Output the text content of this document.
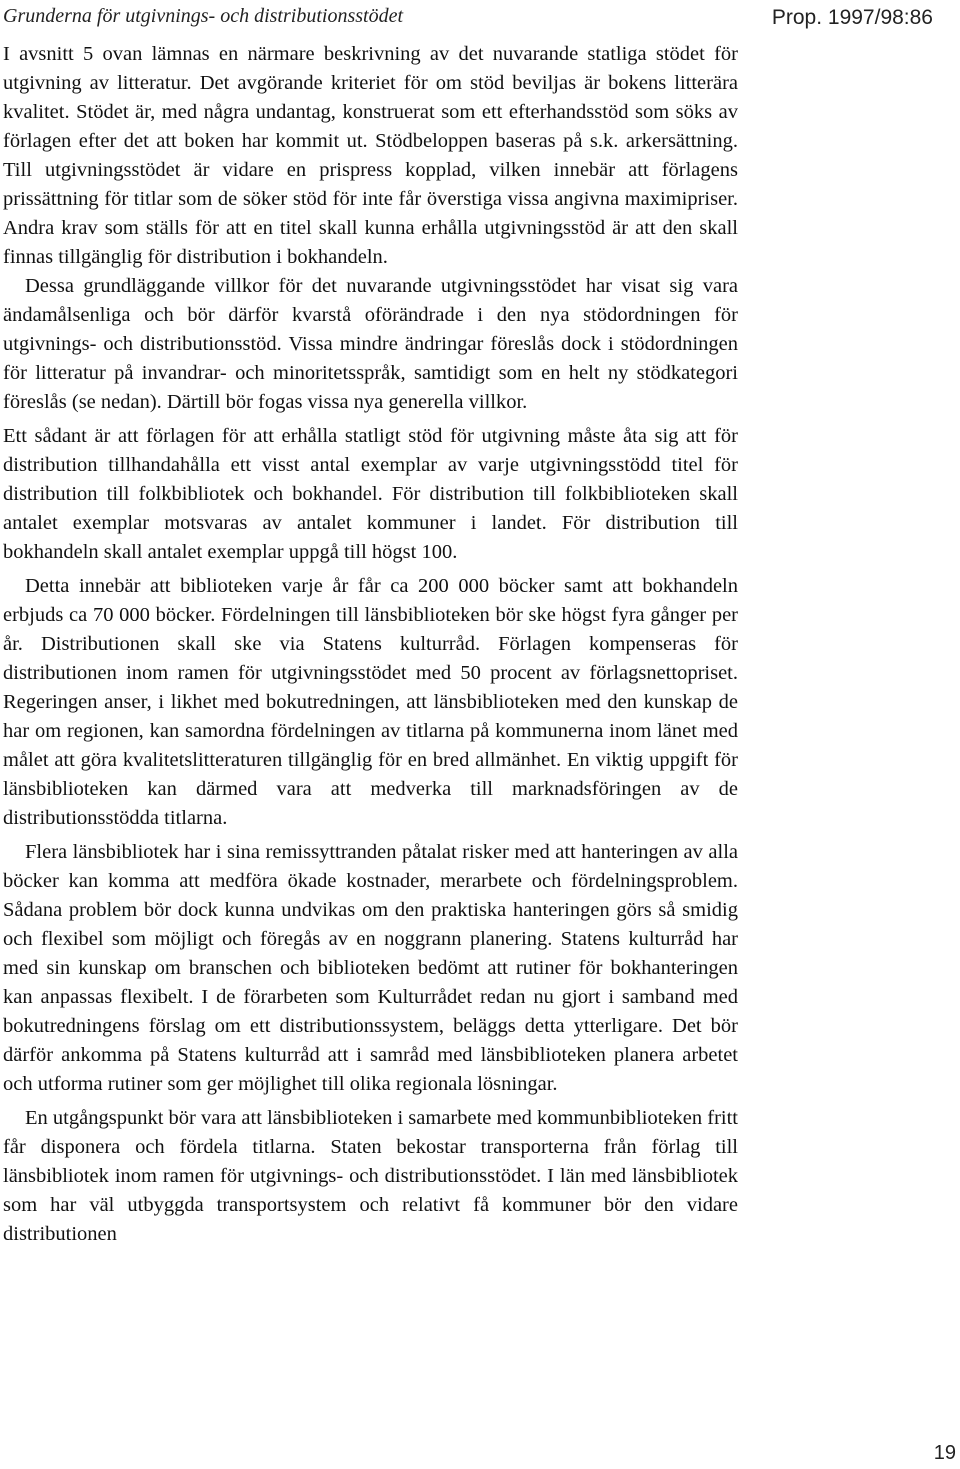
Grunderna för utgivnings- och distributionsstödet	Prop. 1997/98:86

I avsnitt 5 ovan lämnas en närmare beskrivning av det nuvarande statliga stödet för utgivning av litteratur. Det avgörande kriteriet för om stöd beviljas är bokens litterära kvalitet. Stödet är, med några undantag, konstruerat som ett efterhandsstöd som söks av förlagen efter det att boken har kommit ut. Stödbeloppen baseras på s.k. arkersättning. Till utgivningsstödet är vidare en prispress kopplad, vilken innebär att förlagens prissättning för titlar som de söker stöd för inte får överstiga vissa angivna maximipriser. Andra krav som ställs för att en titel skall kunna erhålla utgivningsstöd är att den skall finnas tillgänglig för distribution i bokhandeln.

Dessa grundläggande villkor för det nuvarande utgivningsstödet har visat sig vara ändamålsenliga och bör därför kvarstå oförändrade i den nya stödordningen för utgivnings- och distributionsstöd. Vissa mindre ändringar föreslås dock i stödordningen för litteratur på invandrar- och minoritetsspråk, samtidigt som en helt ny stödkategori föreslås (se nedan). Därtill bör fogas vissa nya generella villkor.

Ett sådant är att förlagen för att erhålla statligt stöd för utgivning måste åta sig att för distribution tillhandahålla ett visst antal exemplar av varje utgivningsstödd titel för distribution till folkbibliotek och bokhandel. För distribution till folkbiblioteken skall antalet exemplar motsvaras av antalet kommuner i landet. För distribution till bokhandeln skall antalet exemplar uppgå till högst 100.

Detta innebär att biblioteken varje år får ca 200 000 böcker samt att bokhandeln erbjuds ca 70 000 böcker. Fördelningen till länsbiblioteken bör ske högst fyra gånger per år. Distributionen skall ske via Statens kulturråd. Förlagen kompenseras för distributionen inom ramen för utgivningsstödet med 50 procent av förlagsnettopriset. Regeringen anser, i likhet med bokutredningen, att länsbiblioteken med den kunskap de har om regionen, kan samordna fördelningen av titlarna på kommunerna inom länet med målet att göra kvalitetslitteraturen tillgänglig för en bred allmänhet. En viktig uppgift för länsbiblioteken kan därmed vara att medverka till marknadsföringen av de distributionsstödda titlarna.

Flera länsbibliotek har i sina remissyttranden påtalat risker med att hanteringen av alla böcker kan komma att medföra ökade kostnader, merarbete och fördelningsproblem. Sådana problem bör dock kunna undvikas om den praktiska hanteringen görs så smidig och flexibel som möjligt och föregås av en noggrann planering. Statens kulturråd har med sin kunskap om branschen och biblioteken bedömt att rutiner för bokhanteringen kan anpassas flexibelt. I de förarbeten som Kulturrådet redan nu gjort i samband med bokutredningens förslag om ett distributionssystem, beläggs detta ytterligare. Det bör därför ankomma på Statens kulturråd att i samråd med länsbiblioteken planera arbetet och utforma rutiner som ger möjlighet till olika regionala lösningar.

En utgångspunkt bör vara att länsbiblioteken i samarbete med kommunbiblioteken fritt får disponera och fördela titlarna. Staten bekostar transporterna från förlag till länsbibliotek inom ramen för utgivnings- och distributionsstödet. I län med länsbibliotek som har väl utbyggda transportsystem och relativt få kommuner bör den vidare distributionen

19
